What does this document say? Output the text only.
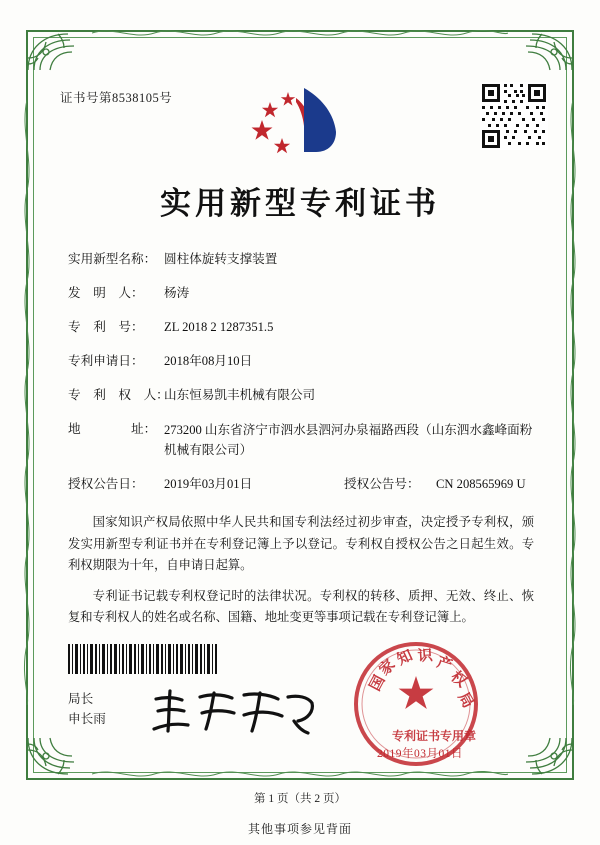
证书号第8538105号
实用新型专利证书
实用新型名称： 圆柱体旋转支撑装置
发　明　人：	杨涛
专　利　号：	ZL 2018 2 1287351.5
专利申请日：	2018年08月10日
专　利　权　人：
山东恒易凯丰机械有限公司
地　　　　址： 273200 山东省济宁市泗水县泗河办泉福路西段（山东泗水鑫峰面粉机械有限公司）
授权公告日：	2019年03月01日	授权公告号：	CN 208565969 U

国家知识产权局依照中华人民共和国专利法经过初步审查，决定授予专利权，颁发实用新型专利证书并在专利登记簿上予以登记。专利权自授权公告之日起生效。专利权期限为十年，自申请日起算。

专利证书记载专利权登记时的法律状况。专利权的转移、质押、无效、终止、恢复和专利权人的姓名或名称、国籍、地址变更等事项记载在专利登记簿上。

局长
申长雨
国
家
知 识 产
权
局
专利证书专用章
2019年03月01日
第 1 页（共 2 页）
其他事项参见背面
